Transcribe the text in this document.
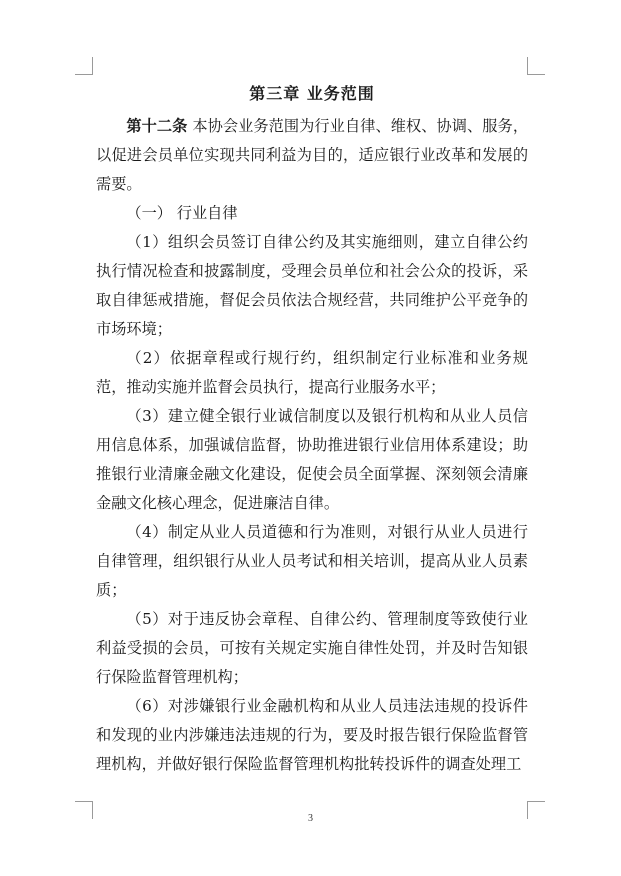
第三章 业务范围

第十二条 本协会业务范围为行业自律、维权、协调、服务，以促进会员单位实现共同利益为目的，适应银行业改革和发展的需要。

（一） 行业自律

（1）组织会员签订自律公约及其实施细则，建立自律公约执行情况检查和披露制度，受理会员单位和社会公众的投诉，采取自律惩戒措施，督促会员依法合规经营，共同维护公平竞争的市场环境；

（2）依据章程或行规行约，组织制定行业标准和业务规范，推动实施并监督会员执行，提高行业服务水平；

（3）建立健全银行业诚信制度以及银行机构和从业人员信用信息体系，加强诚信监督，协助推进银行业信用体系建设；助推银行业清廉金融文化建设，促使会员全面掌握、深刻领会清廉金融文化核心理念，促进廉洁自律。

（4）制定从业人员道德和行为准则，对银行从业人员进行自律管理，组织银行从业人员考试和相关培训，提高从业人员素质；

（5）对于违反协会章程、自律公约、管理制度等致使行业利益受损的会员，可按有关规定实施自律性处罚，并及时告知银行保险监督管理机构；

（6）对涉嫌银行业金融机构和从业人员违法违规的投诉件和发现的业内涉嫌违法违规的行为，要及时报告银行保险监督管理机构，并做好银行保险监督管理机构批转投诉件的调查处理工

3
